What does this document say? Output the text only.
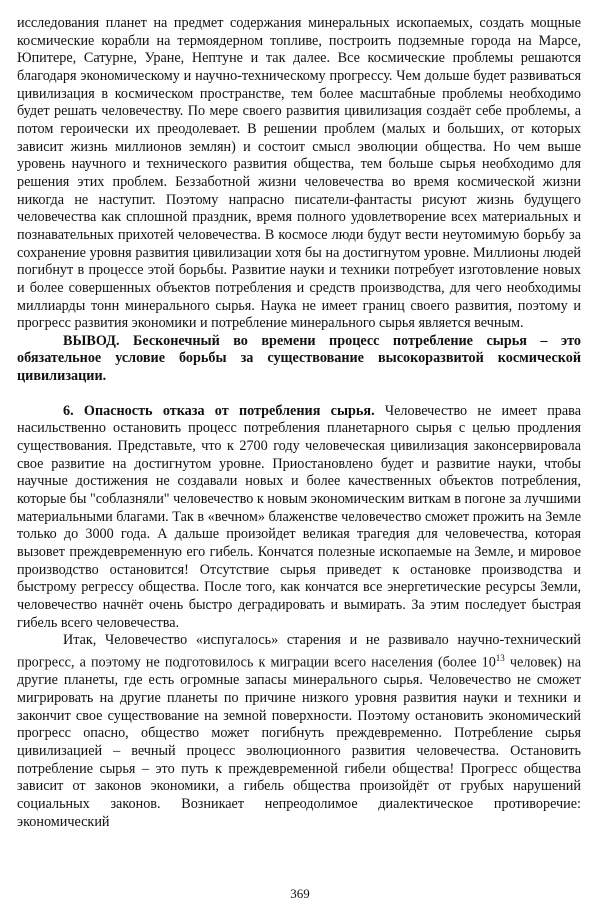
исследования планет на предмет содержания минеральных ископаемых, создать мощные космические корабли на термоядерном топливе, построить подземные города на Марсе, Юпитере, Сатурне, Уране, Нептуне и так далее. Все космические проблемы решаются благодаря экономическому и научно-техническому прогрессу. Чем дольше будет развиваться цивилизация в космическом пространстве, тем более масштабные проблемы необходимо будет решать человечеству. По мере своего развития цивилизация создаёт себе проблемы, а потом героически их преодолевает. В решении проблем (малых и больших, от которых зависит жизнь миллионов землян) и состоит смысл эволюции общества. Но чем выше уровень научного и технического развития общества, тем больше сырья необходимо для решения этих проблем. Беззаботной жизни человечества во время космической жизни никогда не наступит. Поэтому напрасно писатели-фантасты рисуют жизнь будущего человечества как сплошной праздник, время полного удовлетворение всех материальных и познавательных прихотей человечества. В космосе люди будут вести неутомимую борьбу за сохранение уровня развития цивилизации хотя бы на достигнутом уровне. Миллионы людей погибнут в процессе этой борьбы. Развитие науки и техники потребует изготовление новых и более совершенных объектов потребления и средств производства, для чего необходимы миллиарды тонн минерального сырья. Наука не имеет границ своего развития, поэтому и прогресс развития экономики и потребление минерального сырья является вечным.

ВЫВОД. Бесконечный во времени процесс потребление сырья – это обязательное условие борьбы за существование высокоразвитой космической цивилизации.

6. Опасность отказа от потребления сырья. Человечество не имеет права насильственно остановить процесс потребления планетарного сырья с целью продления существования. Представьте, что к 2700 году человеческая цивилизация законсервировала свое развитие на достигнутом уровне. Приостановлено будет и развитие науки, чтобы научные достижения не создавали новых и более качественных объектов потребления, которые бы "соблазняли" человечество к новым экономическим виткам в погоне за лучшими материальными благами. Так в «вечном» блаженстве человечество сможет прожить на Земле только до 3000 года. А дальше произойдет великая трагедия для человечества, которая вызовет преждевременную его гибель. Кончатся полезные ископаемые на Земле, и мировое производство остановится! Отсутствие сырья приведет к остановке производства и быстрому регрессу общества. После того, как кончатся все энергетические ресурсы Земли, человечество начнёт очень быстро деградировать и вымирать. За этим последует быстрая гибель всего человечества.

Итак, Человечество «испугалось» старения и не развивало научно-технический прогресс, а поэтому не подготовилось к миграции всего населения (более $10^{13}$ человек) на другие планеты, где есть огромные запасы минерального сырья. Человечество не сможет мигрировать на другие планеты по причине низкого уровня развития науки и техники и закончит свое существование на земной поверхности. Поэтому остановить экономический прогресс опасно, общество может погибнуть преждевременно. Потребление сырья цивилизацией – вечный процесс эволюционного развития человечества. Остановить потребление сырья – это путь к преждевременной гибели общества! Прогресс общества зависит от законов экономики, а гибель общества произойдёт от грубых нарушений социальных законов. Возникает непреодолимое диалектическое противоречие: экономический

369
